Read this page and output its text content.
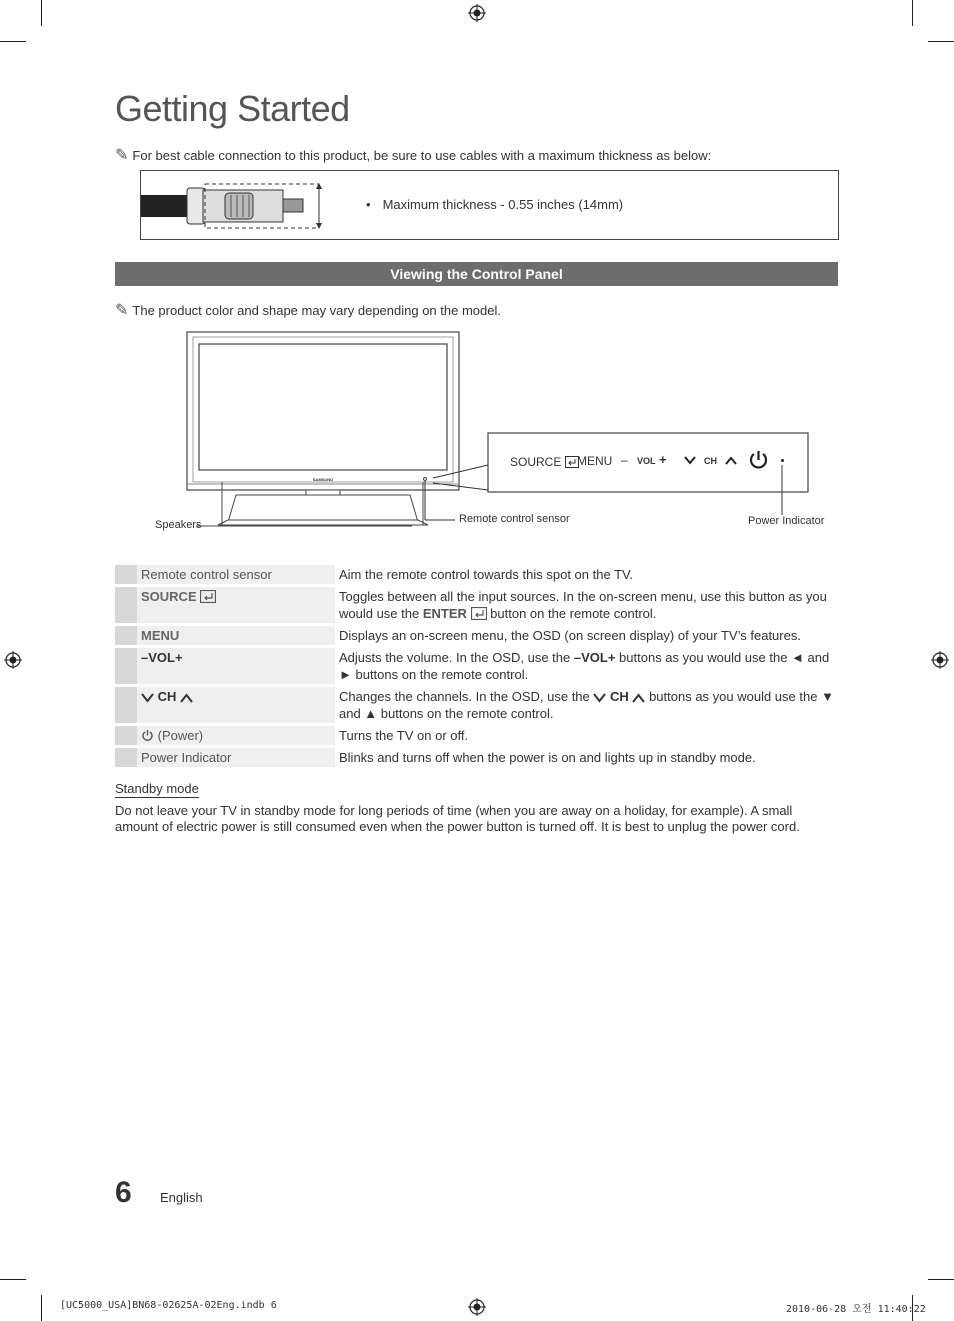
Getting Started
✎ For best cable connection to this product, be sure to use cables with a maximum thickness as below:
• Maximum thickness - 0.55 inches (14mm)
Viewing the Control Panel
✎ The product color and shape may vary depending on the model.
SAMSUNG
SOURCE	MENU – VOL +	CH
Speakers	Remote control sensor	Power Indicator
	Remote control sensor	Aim the remote control towards this spot on the TV.
	SOURCE	Toggles between all the input sources. In the on-screen menu, use this button as you would use the ENTER button on the remote control.
	MENU	Displays an on-screen menu, the OSD (on screen display) of your TV’s features.
	–VOL+	Adjusts the volume. In the OSD, use the –VOL+ buttons as you would use the ◄ and ► buttons on the remote control.
	CH	Changes the channels. In the OSD, use the CH buttons as you would use the ▼ and ▲ buttons on the remote control.
	(Power)	Turns the TV on or off.
	Power Indicator	Blinks and turns off when the power is on and lights up in standby mode.
Standby mode
Do not leave your TV in standby mode for long periods of time (when you are away on a holiday, for example). A small amount of electric power is still consumed even when the power button is turned off. It is best to unplug the power cord.
6 English
[UC5000_USA]BN68-02625A-02Eng.indb 6	2010-06-28 오전 11:40:22
